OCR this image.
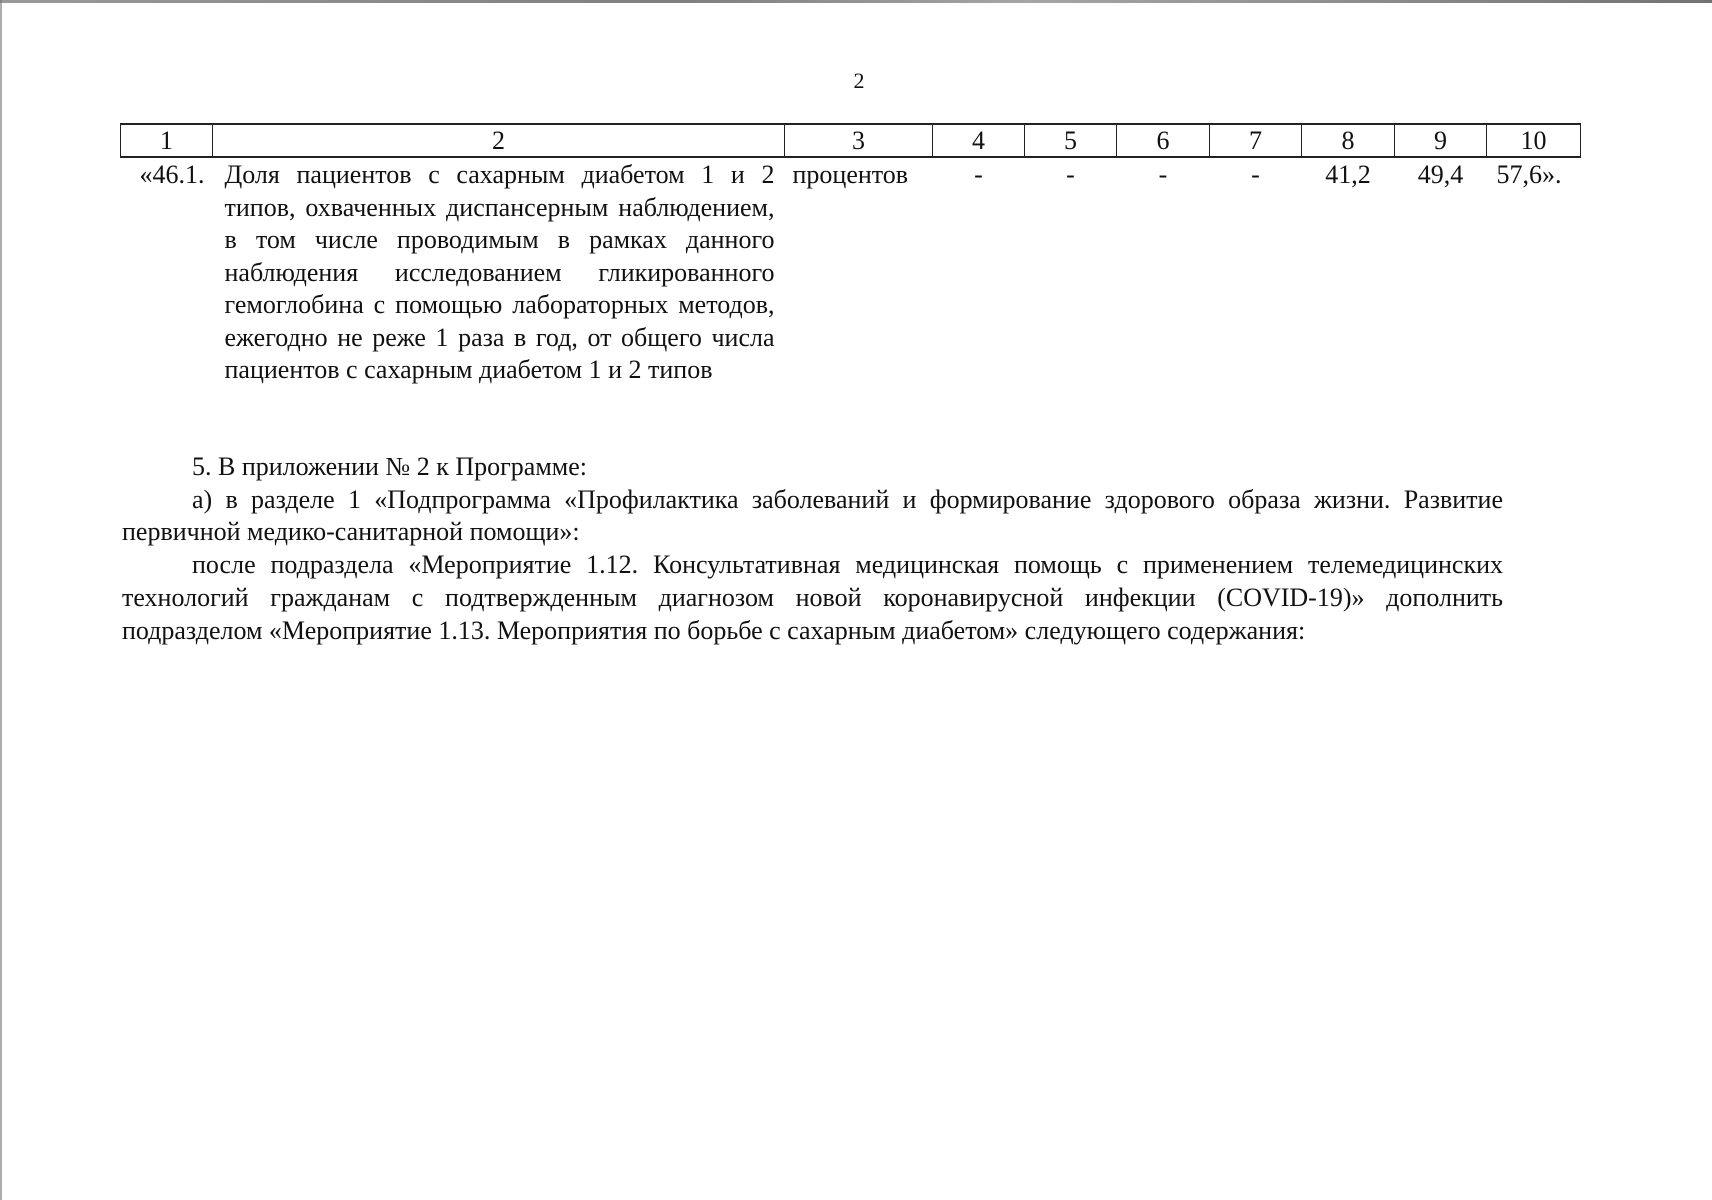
2
1	2	3	4	5	6	7	8	9	10
«46.1.	Доля пациентов с сахарным диабетом 1 и 2 типов, охваченных диспансерным наблюдением, в том числе проводимым в рамках данного наблюдения исследованием гликированного гемоглобина с помощью лабораторных методов, ежегодно не реже 1 раза в год, от общего числа пациентов с сахарным диабетом 1 и 2 типов	процентов	-	-	-	-	41,2	49,4	57,6».

5. В приложении № 2 к Программе:

а) в разделе 1 «Подпрограмма «Профилактика заболеваний и формирование здорового образа жизни. Развитие первичной медико-санитарной помощи»:

после подраздела «Мероприятие 1.12. Консультативная медицинская помощь с применением телемедицинских технологий гражданам с подтвержденным диагнозом новой коронавирусной инфекции (COVID-19)» дополнить подразделом «Мероприятие 1.13. Мероприятия по борьбе с сахарным диабетом» следующего содержания:
